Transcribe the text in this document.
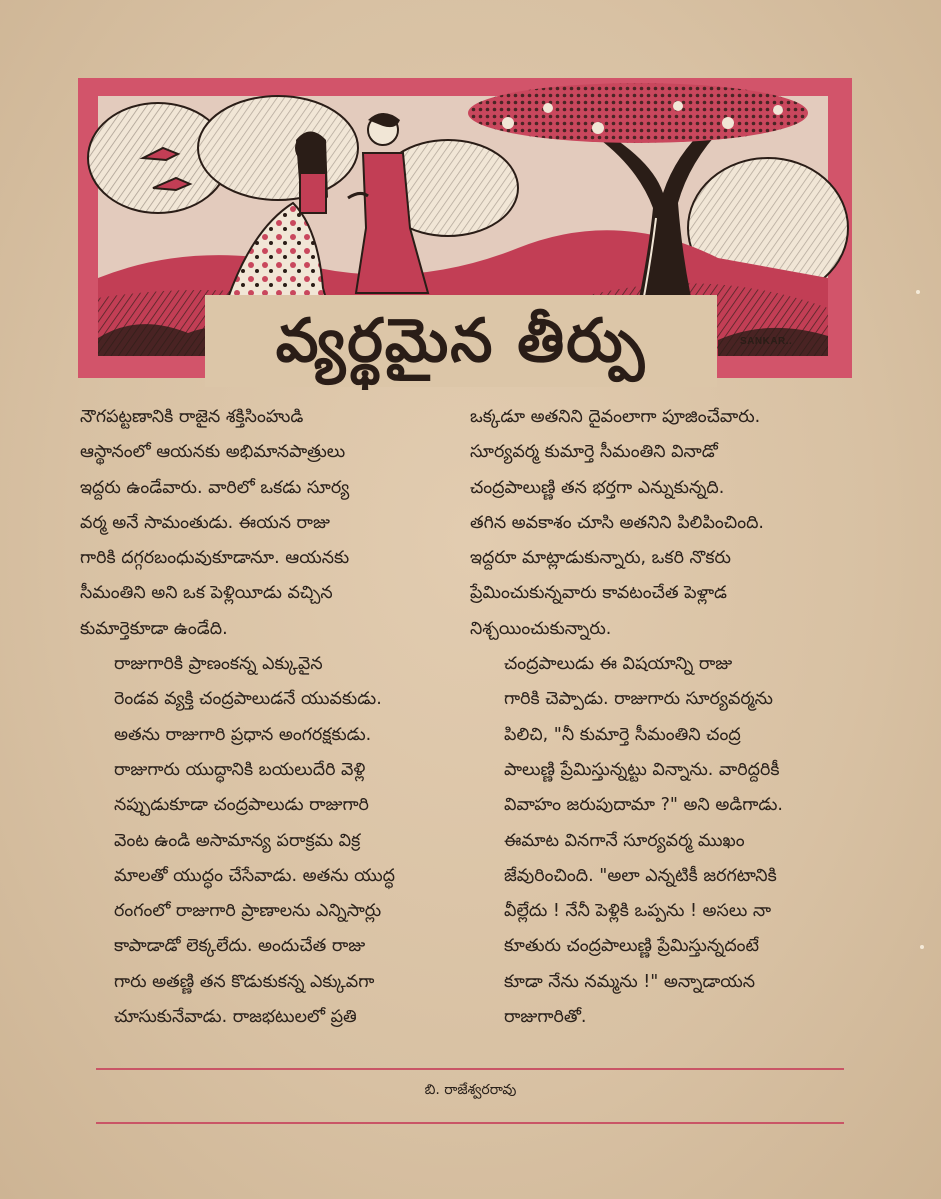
వ్యర్థమైన తీర్పు	SANKAR..

నౌగపట్టణానికి రాజైన శక్తిసింహుడి
ఆస్థానంలో ఆయనకు అభిమానపాత్రులు
ఇద్దరు ఉండేవారు. వారిలో ఒకడు సూర్య
వర్మ అనే సామంతుడు. ఈయన రాజు
గారికి దగ్గరబంధువుకూడానూ. ఆయనకు
సీమంతిని అని ఒక పెళ్లియీడు వచ్చిన
కుమార్తెకూడా ఉండేది.

రాజుగారికి ప్రాణంకన్న ఎక్కువైన
రెండవ వ్యక్తి చంద్రపాలుడనే యువకుడు.
అతను రాజుగారి ప్రధాన అంగరక్షకుడు.
రాజుగారు యుద్ధానికి బయలుదేరి వెళ్లి
నప్పుడుకూడా చంద్రపాలుడు రాజుగారి
వెంట ఉండి అసామాన్య పరాక్రమ విక్ర
మాలతో యుద్ధం చేసేవాడు. అతను యుద్ధ
రంగంలో రాజుగారి ప్రాణాలను ఎన్నిసార్లు
కాపాడాడో లెక్కలేదు. అందుచేత రాజు
గారు అతణ్ణి తన కొడుకుకన్న ఎక్కువగా
చూసుకునేవాడు. రాజభటులలో ప్రతి

ఒక్కడూ అతనిని దైవంలాగా పూజించేవారు.
సూర్యవర్మ కుమార్తె సీమంతిని వినాడో
చంద్రపాలుణ్ణి తన భర్తగా ఎన్నుకున్నది.
తగిన అవకాశం చూసి అతనిని పిలిపించింది.
ఇద్దరూ మాట్లాడుకున్నారు, ఒకరి నొకరు
ప్రేమించుకున్నవారు కావటంచేత పెళ్లాడ
నిశ్చయించుకున్నారు.

చంద్రపాలుడు ఈ విషయాన్ని రాజు
గారికి చెప్పాడు. రాజుగారు సూర్యవర్మను
పిలిచి, "నీ కుమార్తె సీమంతిని చంద్ర
పాలుణ్ణి ప్రేమిస్తున్నట్టు విన్నాను. వారిద్దరికీ
వివాహం జరుపుదామా ?" అని అడిగాడు.

ఈమాట వినగానే సూర్యవర్మ ముఖం
జేవురించింది. "అలా ఎన్నటికీ జరగటానికి
వీల్లేదు ! నేనీ పెళ్లికి ఒప్పను ! అసలు నా
కూతురు చంద్రపాలుణ్ణి ప్రేమిస్తున్నదంటే
కూడా నేను నమ్మను !" అన్నాడాయన
రాజుగారితో.

బి. రాజేశ్వరరావు
